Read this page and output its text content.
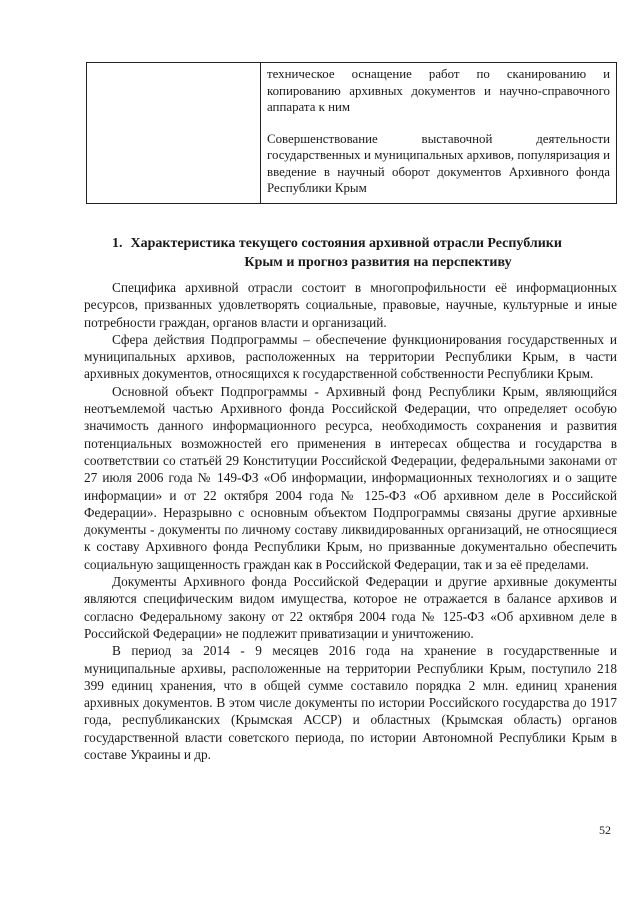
техническое оснащение работ по сканированию и копированию архивных документов и научно-справочного аппарата к ним

Совершенствование выставочной деятельности государственных и муниципальных архивов, популяризация и введение в научный оборот документов Архивного фонда Республики Крым

1. Характеристика текущего состояния архивной отрасли Республики
Крым и прогноз развития на перспективу

Специфика архивной отрасли состоит в многопрофильности её информационных ресурсов, призванных удовлетворять социальные, правовые, научные, культурные и иные потребности граждан, органов власти и организаций.

Сфера действия Подпрограммы – обеспечение функционирования государственных и муниципальных архивов, расположенных на территории Республики Крым, в части архивных документов, относящихся к государственной собственности Республики Крым.

Основной объект Подпрограммы - Архивный фонд Республики Крым, являющийся неотъемлемой частью Архивного фонда Российской Федерации, что определяет особую значимость данного информационного ресурса, необходимость сохранения и развития потенциальных возможностей его применения в интересах общества и государства в соответствии со статьёй 29 Конституции Российской Федерации, федеральными законами от 27 июля 2006 года № 149-ФЗ «Об информации, информационных технологиях и о защите информации» и от 22 октября 2004 года № 125-ФЗ «Об архивном деле в Российской Федерации». Неразрывно с основным объектом Подпрограммы связаны другие архивные документы - документы по личному составу ликвидированных организаций, не относящиеся к составу Архивного фонда Республики Крым, но призванные документально обеспечить социальную защищенность граждан как в Российской Федерации, так и за её пределами.

Документы Архивного фонда Российской Федерации и другие архивные документы являются специфическим видом имущества, которое не отражается в балансе архивов и согласно Федеральному закону от 22 октября 2004 года № 125-ФЗ «Об архивном деле в Российской Федерации» не подлежит приватизации и уничтожению.

В период за 2014 - 9 месяцев 2016 года на хранение в государственные и муниципальные архивы, расположенные на территории Республики Крым, поступило 218 399 единиц хранения, что в общей сумме составило порядка 2 млн. единиц хранения архивных документов. В этом числе документы по истории Российского государства до 1917 года, республиканских (Крымская АССР) и областных (Крымская область) органов государственной власти советского периода, по истории Автономной Республики Крым в составе Украины и др.

52
